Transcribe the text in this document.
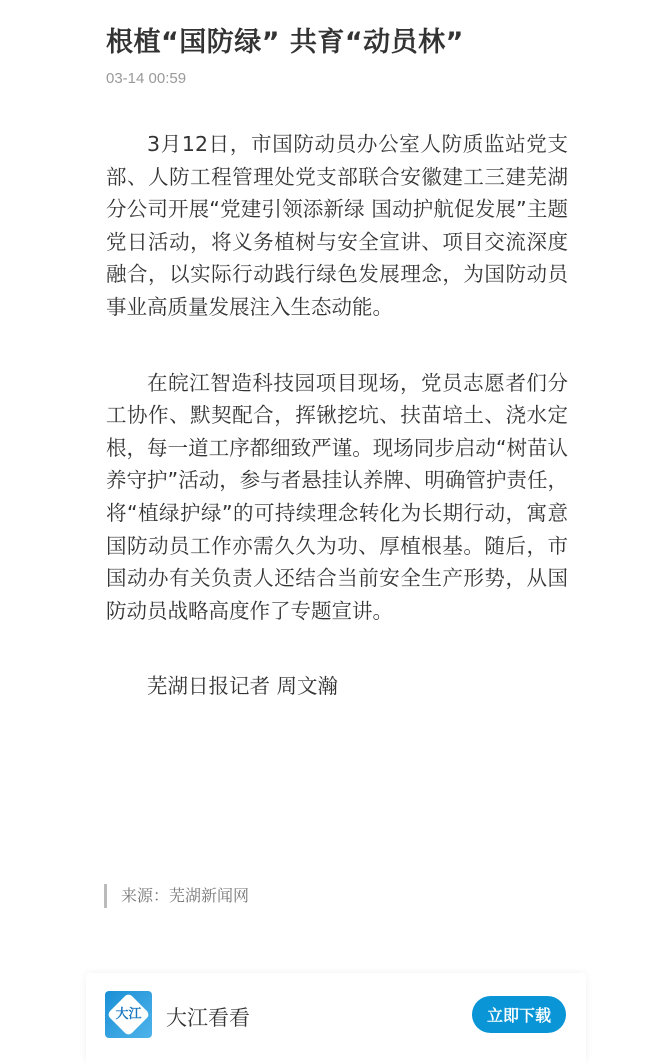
根植“国防绿” 共育“动员林”
03-14 00:59

3月12日，市国防动员办公室人防质监站党支部、人防工程管理处党支部联合安徽建工三建芜湖分公司开展“党建引领添新绿 国动护航促发展”主题党日活动，将义务植树与安全宣讲、项目交流深度融合，以实际行动践行绿色发展理念，为国防动员事业高质量发展注入生态动能。

在皖江智造科技园项目现场，党员志愿者们分工协作、默契配合，挥锹挖坑、扶苗培土、浇水定根，每一道工序都细致严谨。现场同步启动“树苗认养守护”活动，参与者悬挂认养牌、明确管护责任，将“植绿护绿”的可持续理念转化为长期行动，寓意国防动员工作亦需久久为功、厚植根基。随后，市国动办有关负责人还结合当前安全生产形势，从国防动员战略高度作了专题宣讲。

芜湖日报记者 周文瀚

来源：芜湖新闻网
大江	大江看看	立即下载
